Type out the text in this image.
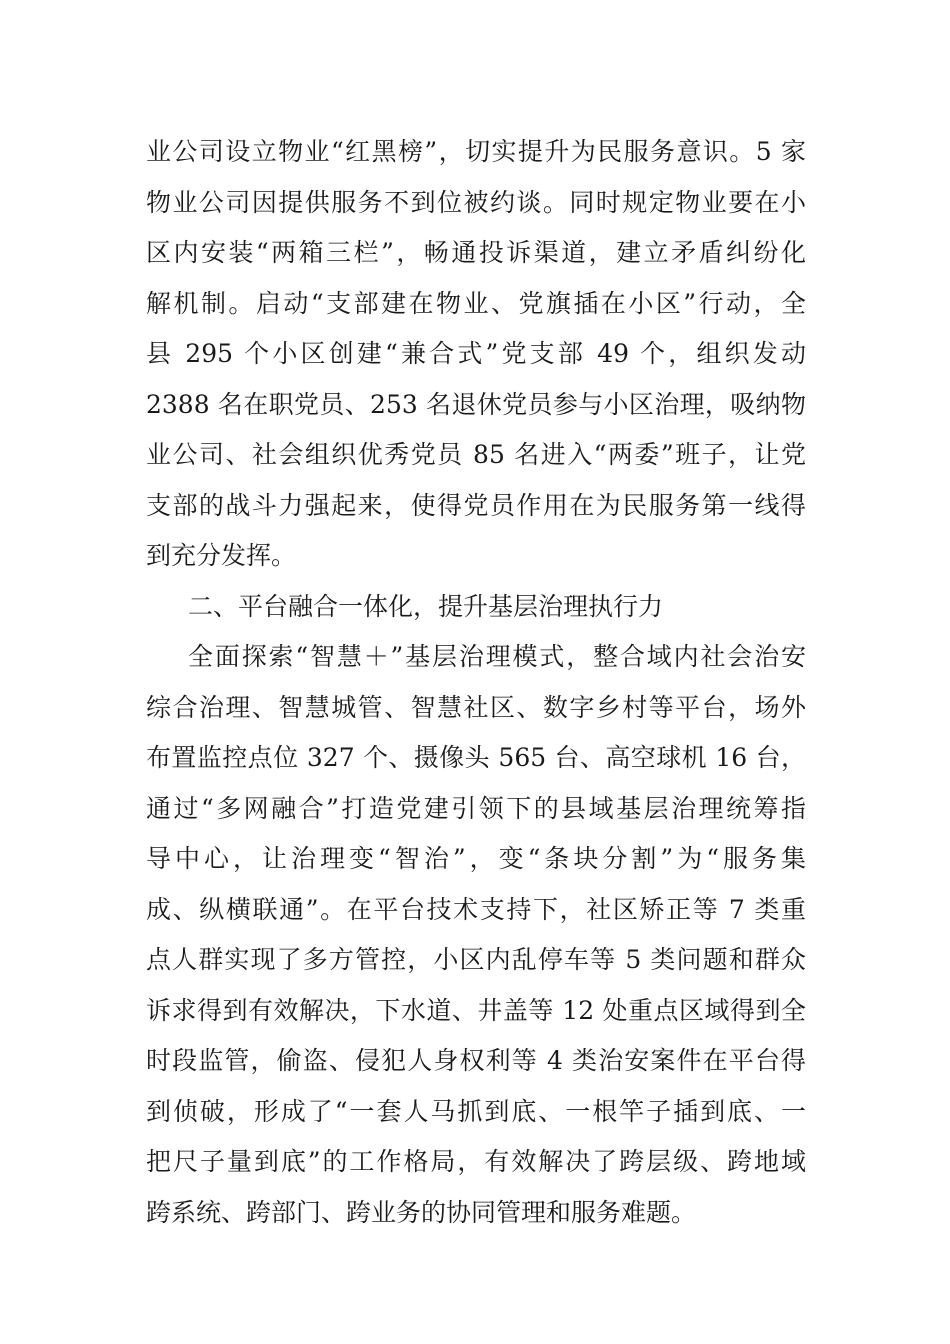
业公司设立物业“红黑榜”，切实提升为民服务意识。5 家
物业公司因提供服务不到位被约谈。同时规定物业要在小
区内安装“两箱三栏”，畅通投诉渠道，建立矛盾纠纷化
解机制。启动“支部建在物业、党旗插在小区”行动，全
县 295 个小区创建“兼合式”党支部 49 个，组织发动
2388 名在职党员、253 名退休党员参与小区治理，吸纳物
业公司、社会组织优秀党员 85 名进入“两委”班子，让党
支部的战斗力强起来，使得党员作用在为民服务第一线得
到充分发挥。
二、平台融合一体化，提升基层治理执行力
全面探索“智慧＋”基层治理模式，整合域内社会治安
综合治理、智慧城管、智慧社区、数字乡村等平台，场外
布置监控点位 327 个、摄像头 565 台、高空球机 16 台，
通过“多网融合”打造党建引领下的县域基层治理统筹指
导中心，让治理变“智治”，变“条块分割”为“服务集
成、纵横联通”。在平台技术支持下，社区矫正等 7 类重
点人群实现了多方管控，小区内乱停车等 5 类问题和群众
诉求得到有效解决，下水道、井盖等 12 处重点区域得到全
时段监管，偷盗、侵犯人身权利等 4 类治安案件在平台得
到侦破，形成了“一套人马抓到底、一根竿子插到底、一
把尺子量到底”的工作格局，有效解决了跨层级、跨地域
跨系统、跨部门、跨业务的协同管理和服务难题。
